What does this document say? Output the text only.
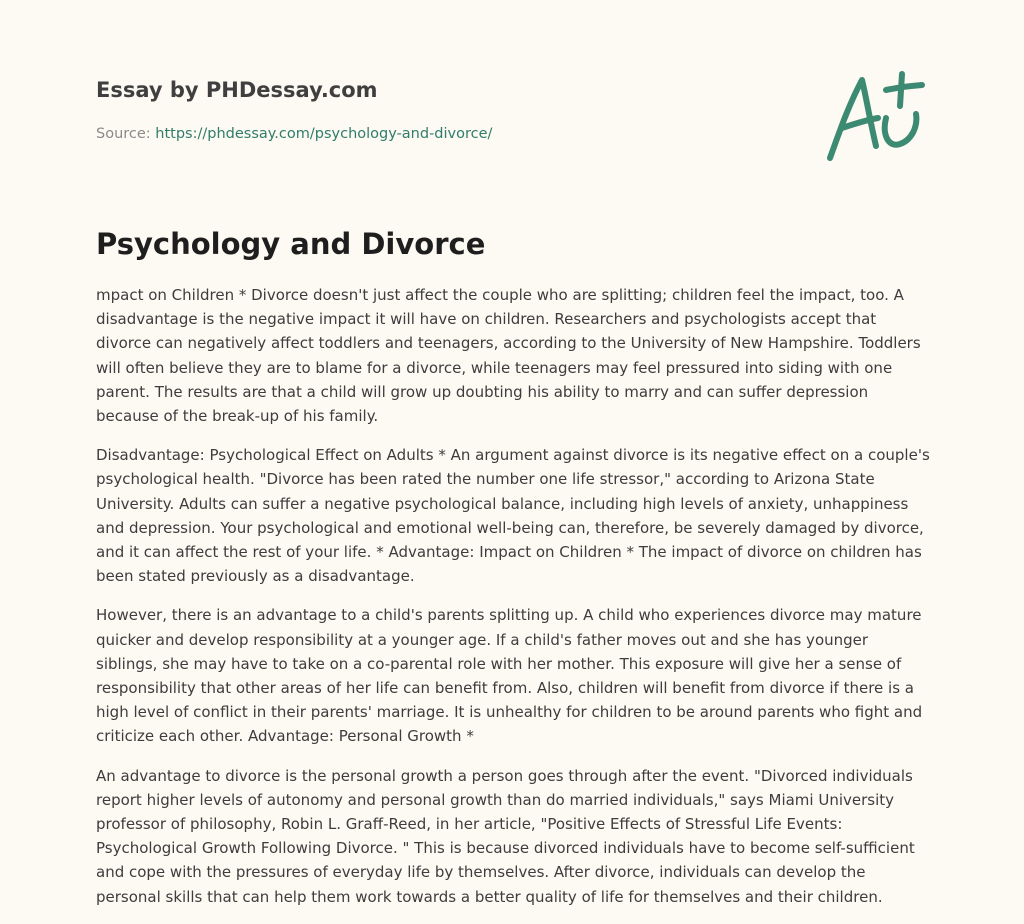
Essay by PHDessay.com
Source: https://phdessay.com/psychology-and-divorce/
Psychology and Divorce

mpact on Children * Divorce doesn't just affect the couple who are splitting; children feel the impact, too. A disadvantage is the negative impact it will have on children. Researchers and psychologists accept that divorce can negatively affect toddlers and teenagers, according to the University of New Hampshire. Toddlers will often believe they are to blame for a divorce, while teenagers may feel pressured into siding with one parent. The results are that a child will grow up doubting his ability to marry and can suffer depression because of the break-up of his family.

Disadvantage: Psychological Effect on Adults * An argument against divorce is its negative effect on a couple's psychological health. "Divorce has been rated the number one life stressor," according to Arizona State University. Adults can suffer a negative psychological balance, including high levels of anxiety, unhappiness and depression. Your psychological and emotional well-being can, therefore, be severely damaged by divorce, and it can affect the rest of your life. * Advantage: Impact on Children * The impact of divorce on children has been stated previously as a disadvantage.

However, there is an advantage to a child's parents splitting up. A child who experiences divorce may mature quicker and develop responsibility at a younger age. If a child's father moves out and she has younger siblings, she may have to take on a co-parental role with her mother. This exposure will give her a sense of responsibility that other areas of her life can benefit from. Also, children will benefit from divorce if there is a high level of conflict in their parents' marriage. It is unhealthy for children to be around parents who fight and criticize each other. Advantage: Personal Growth *

An advantage to divorce is the personal growth a person goes through after the event. "Divorced individuals report higher levels of autonomy and personal growth than do married individuals," says Miami University professor of philosophy, Robin L. Graff-Reed, in her article, "Positive Effects of Stressful Life Events: Psychological Growth Following Divorce. " This is because divorced individuals have to become self-sufficient and cope with the pressures of everyday life by themselves. After divorce, individuals can develop the personal skills that can help them work towards a better quality of life for themselves and their children.
